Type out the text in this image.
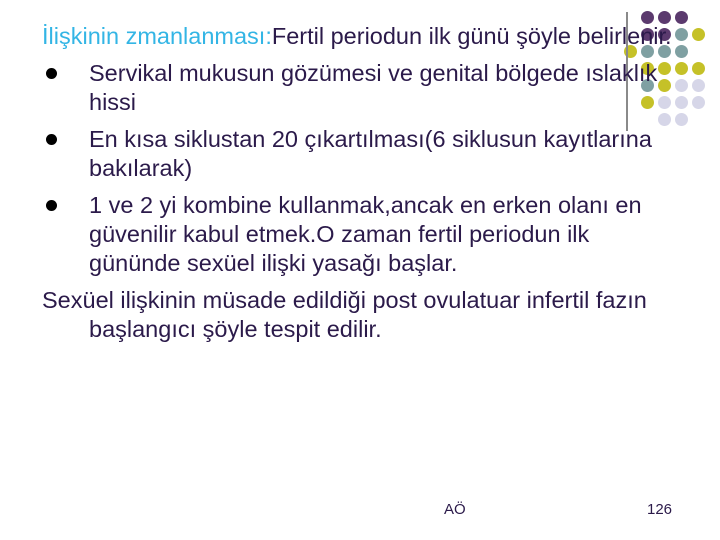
İlişkinin zmanlanması:Fertil periodun ilk günü şöyle belirlenir.
Servikal mukusun gözümesi ve genital bölgede ıslaklık hissi
En kısa siklustan 20 çıkartılması(6 siklusun kayıtlarına bakılarak)
1 ve 2 yi kombine kullanmak,ancak en erken olanı en güvenilir kabul etmek.O zaman fertil periodun ilk gününde sexüel ilişki yasağı başlar.
Sexüel ilişkinin müsade edildiği post ovulatuar infertil fazın başlangıcı şöyle tespit edilir.
AÖ	126
